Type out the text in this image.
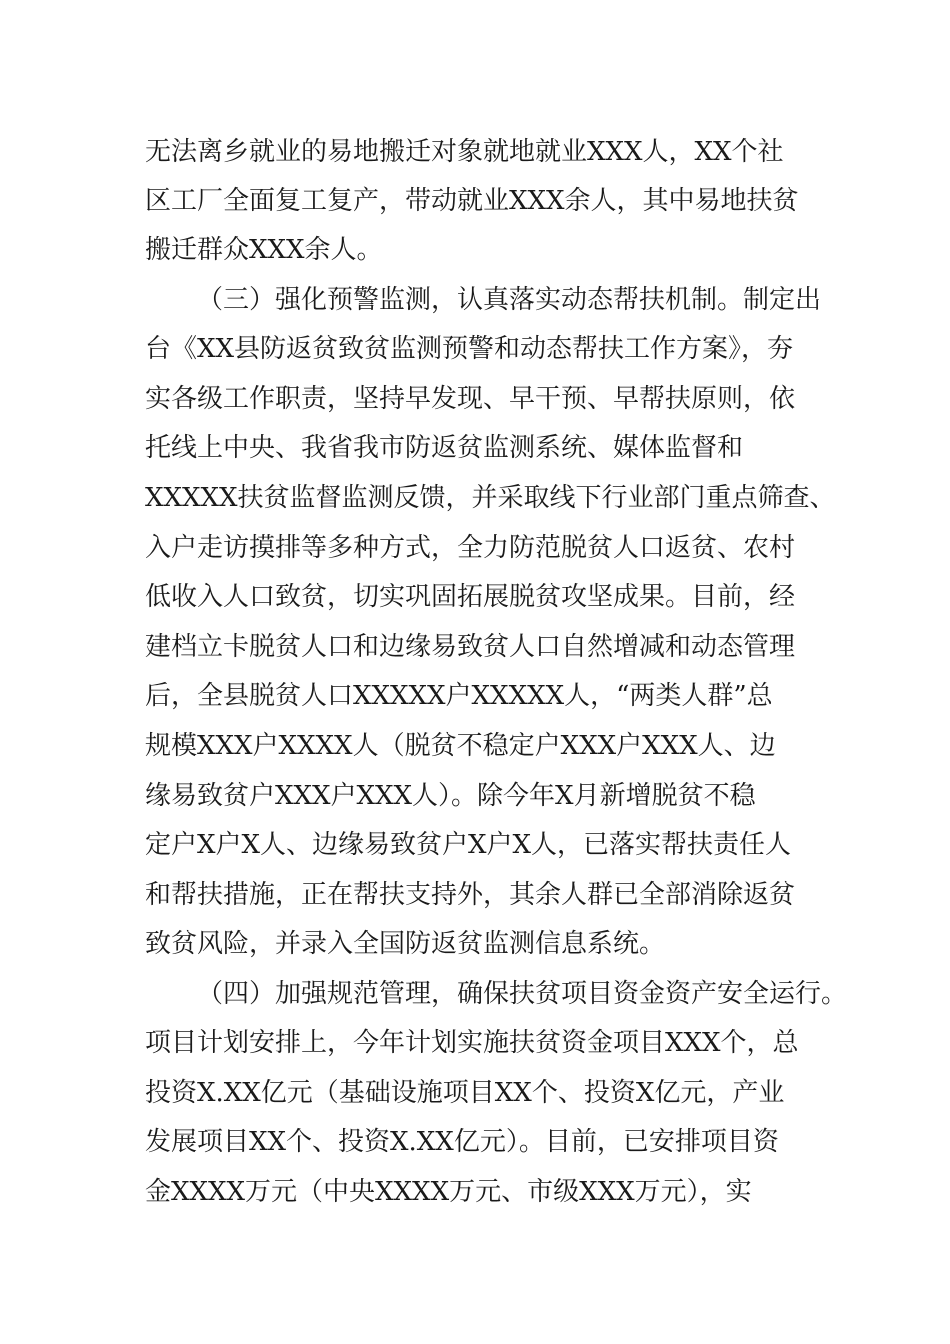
无法离乡就业的易地搬迁对象就地就业XXX人，XX个社

区工厂全面复工复产，带动就业XXX余人，其中易地扶贫

搬迁群众XXX余人。

（三）强化预警监测，认真落实动态帮扶机制。制定出

台《XX县防返贫致贫监测预警和动态帮扶工作方案》，夯

实各级工作职责，坚持早发现、早干预、早帮扶原则，依

托线上中央、我省我市防返贫监测系统、媒体监督和

XXXXX扶贫监督监测反馈，并采取线下行业部门重点筛查、

入户走访摸排等多种方式，全力防范脱贫人口返贫、农村

低收入人口致贫，切实巩固拓展脱贫攻坚成果。目前，经

建档立卡脱贫人口和边缘易致贫人口自然增减和动态管理

后，全县脱贫人口XXXXX户XXXXX人，“两类人群”总

规模XXX户XXXX人（脱贫不稳定户XXX户XXX人、边

缘易致贫户XXX户XXX人）。除今年X月新增脱贫不稳

定户X户X人、边缘易致贫户X户X人，已落实帮扶责任人

和帮扶措施，正在帮扶支持外，其余人群已全部消除返贫

致贫风险，并录入全国防返贫监测信息系统。

（四）加强规范管理，确保扶贫项目资金资产安全运行。

项目计划安排上，今年计划实施扶贫资金项目XXX个，总

投资X.XX亿元（基础设施项目XX个、投资X亿元，产业

发展项目XX个、投资X.XX亿元）。目前，已安排项目资

金XXXX万元（中央XXXX万元、市级XXX万元），实
